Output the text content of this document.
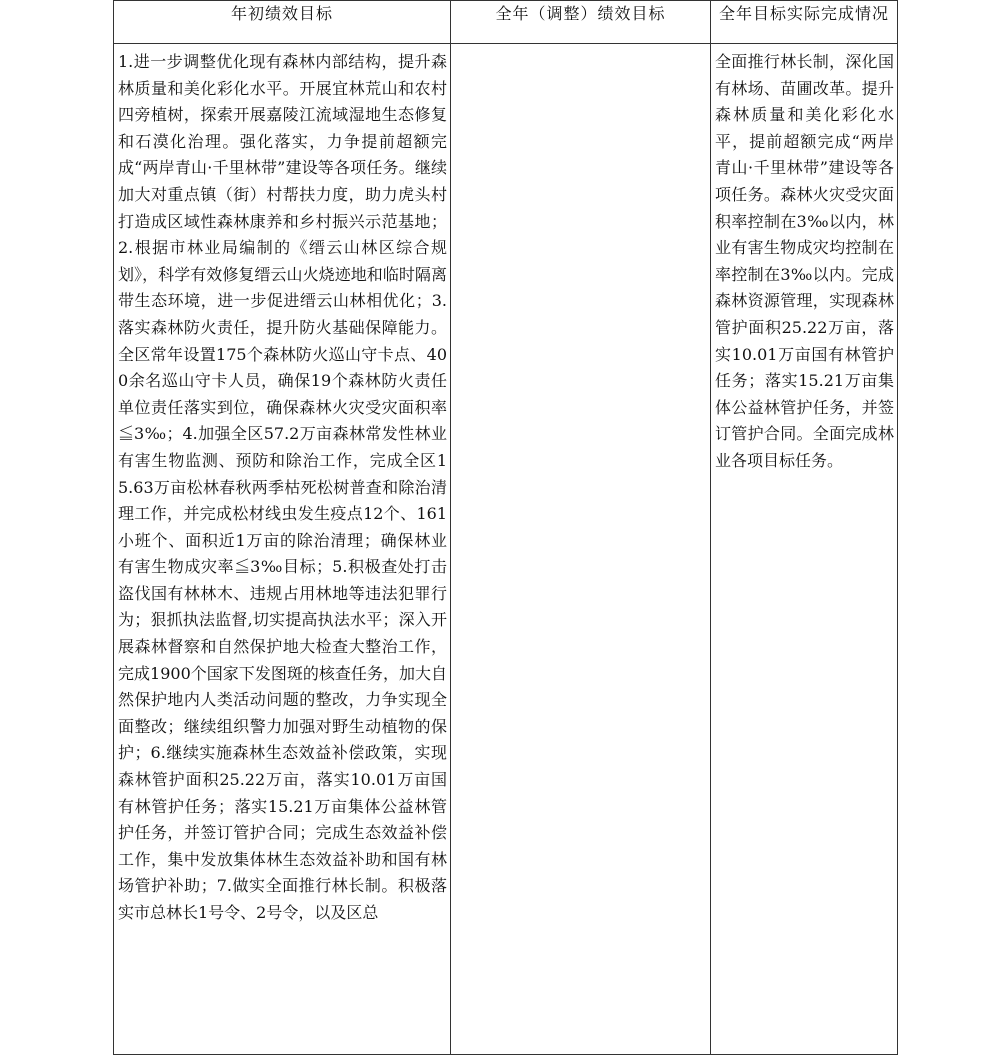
年初绩效目标	全年（调整）绩效目标	全年目标实际完成情况

1.进一步调整优化现有森林内部结构，提升森林质量和美化彩化水平。开展宜林荒山和农村四旁植树，探索开展嘉陵江流域湿地生态修复和石漠化治理。强化落实，力争提前超额完成“两岸青山·千里林带”建设等各项任务。继续加大对重点镇（街）村帮扶力度，助力虎头村打造成区域性森林康养和乡村振兴示范基地；2.根据市林业局编制的《缙云山林区综合规划》，科学有效修复缙云山火烧迹地和临时隔离带生态环境，进一步促进缙云山林相优化；3.落实森林防火责任，提升防火基础保障能力。全区常年设置175个森林防火巡山守卡点、400余名巡山守卡人员，确保19个森林防火责任单位责任落实到位，确保森林火灾受灾面积率≦3‰；4.加强全区57.2万亩森林常发性林业有害生物监测、预防和除治工作，完成全区15.63万亩松林春秋两季枯死松树普查和除治清理工作，并完成松材线虫发生疫点12个、161小班个、面积近1万亩的除治清理；确保林业有害生物成灾率≦3‰目标；5.积极查处打击盗伐国有林林木、违规占用林地等违法犯罪行为；狠抓执法监督,切实提高执法水平；深入开展森林督察和自然保护地大检查大整治工作，完成1900个国家下发图斑的核查任务，加大自然保护地内人类活动问题的整改，力争实现全面整改；继续组织警力加强对野生动植物的保护；6.继续实施森林生态效益补偿政策，实现森林管护面积25.22万亩，落实10.01万亩国有林管护任务；落实15.21万亩集体公益林管护任务，并签订管护合同；完成生态效益补偿工作，集中发放集体林生态效益补助和国有林场管护补助；7.做实全面推行林长制。积极落实市总林长1号令、2号令，以及区总		全面推行林长制，深化国有林场、苗圃改革。提升森林质量和美化彩化水平，提前超额完成“两岸青山·千里林带”建设等各项任务。森林火灾受灾面积率控制在3‰以内，林业有害生物成灾均控制在率控制在3‰以内。完成森林资源管理，实现森林管护面积25.22万亩，落实10.01万亩国有林管护任务；落实15.21万亩集体公益林管护任务，并签订管护合同。全面完成林业各项目标任务。
